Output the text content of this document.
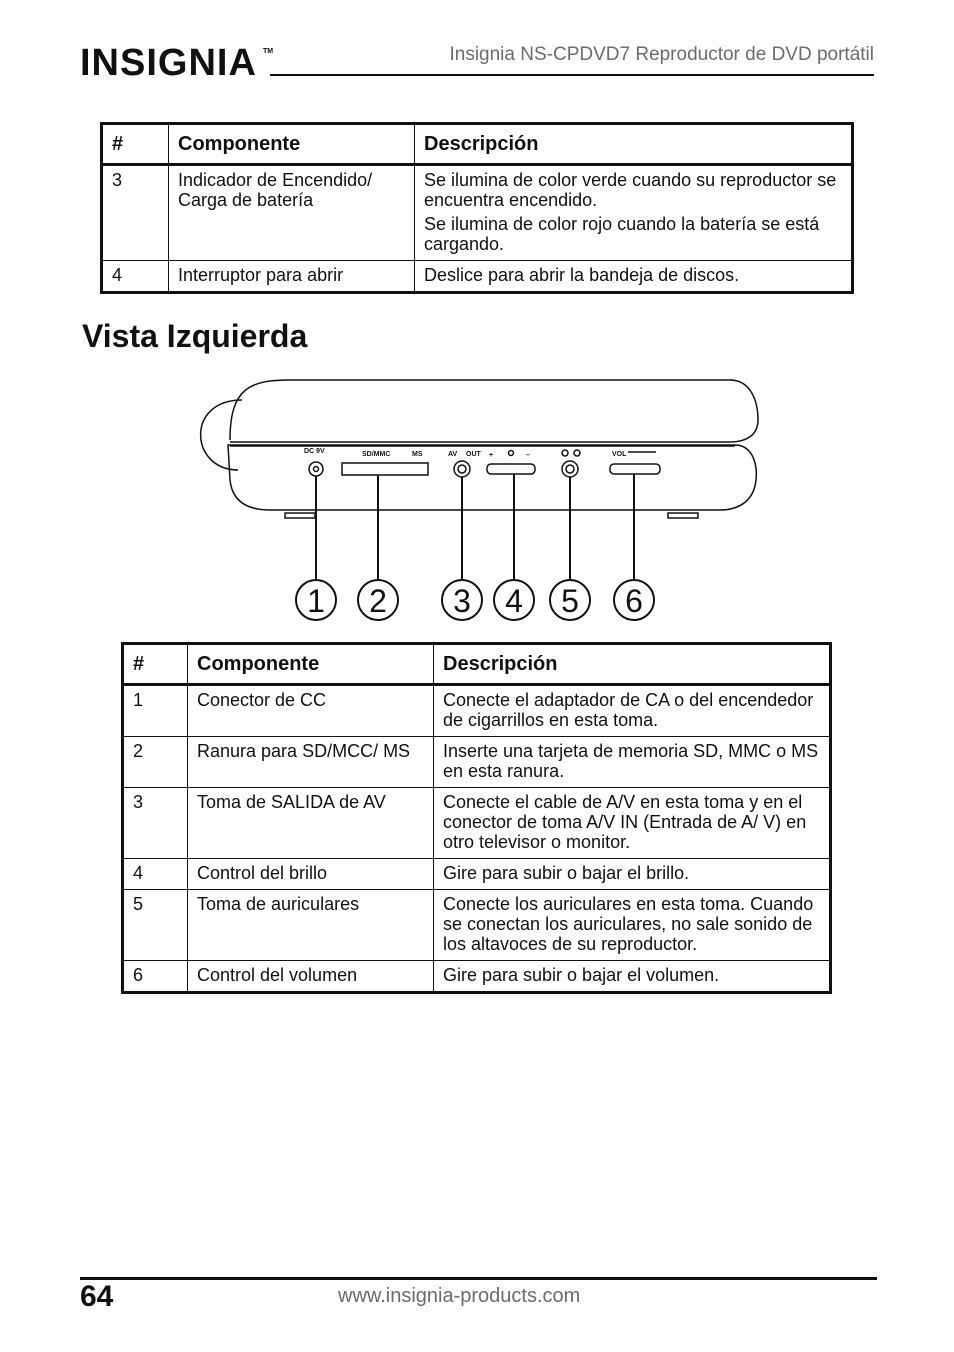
INSIGNIA TM	Insignia NS-CPDVD7 Reproductor de DVD portátil
#	Componente	Descripción
3	Indicador de Encendido/ Carga de batería	Se ilumina de color verde cuando su reproductor se encuentra encendido.

Se ilumina de color rojo cuando la batería se está cargando.

4	Interruptor para abrir	Deslice para abrir la bandeja de discos.
Vista Izquierda
DC 9V	SD/MMC	MS	AV OUT +	–	VOL
1 2 3 4 5 6
#	Componente	Descripción
1	Conector de CC	Conecte el adaptador de CA o del encendedor de cigarrillos en esta toma.
2	Ranura para SD/MCC/ MS	Inserte una tarjeta de memoria SD, MMC o MS en esta ranura.
3	Toma de SALIDA de AV	Conecte el cable de A/V en esta toma y en el conector de toma A/V IN (Entrada de A/ V) en otro televisor o monitor.
4	Control del brillo	Gire para subir o bajar el brillo.
5	Toma de auriculares	Conecte los auriculares en esta toma. Cuando se conectan los auriculares, no sale sonido de los altavoces de su reproductor.
6	Control del volumen	Gire para subir o bajar el volumen.
64	www.insignia-products.com
